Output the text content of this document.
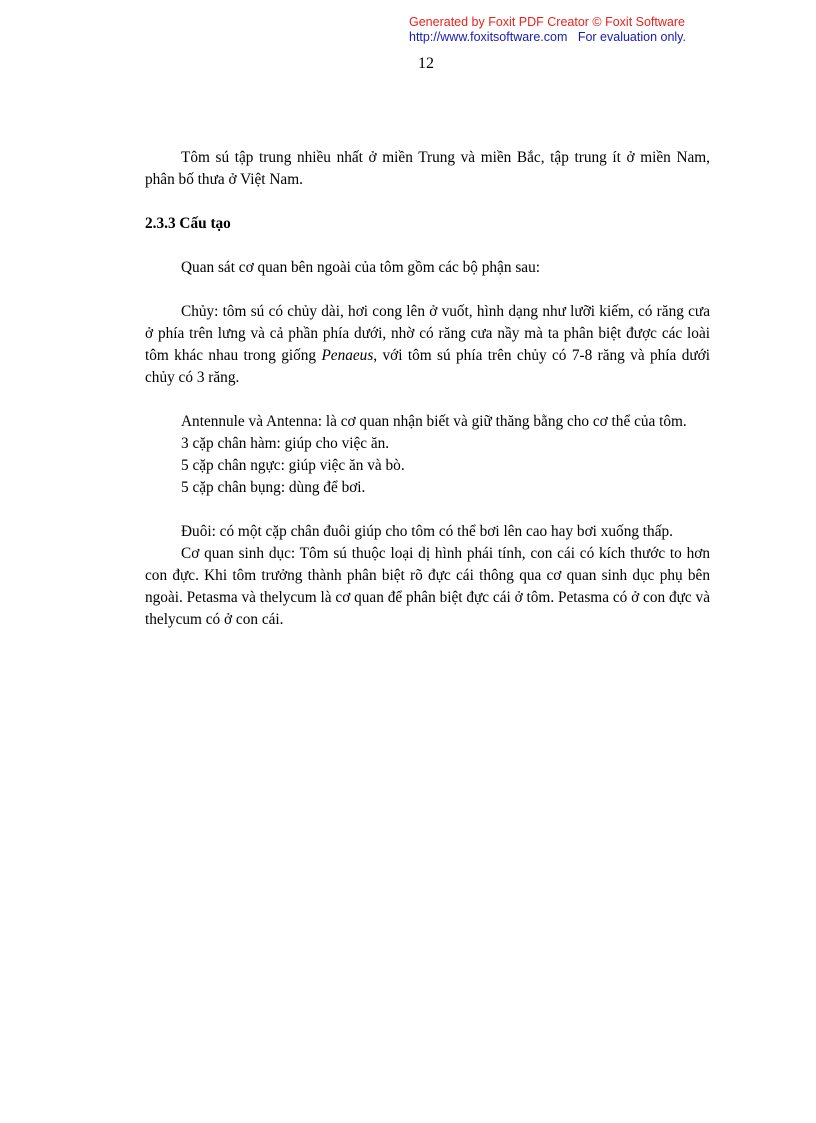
Generated by Foxit PDF Creator © Foxit Software
http://www.foxitsoftware.com For evaluation only.
12

Tôm sú tập trung nhiều nhất ở miền Trung và miền Bắc, tập trung ít ở miền Nam, phân bố thưa ở Việt Nam.

2.3.3 Cấu tạo

Quan sát cơ quan bên ngoài của tôm gồm các bộ phận sau:

Chủy: tôm sú có chủy dài, hơi cong lên ở vuốt, hình dạng như lưỡi kiếm, có răng cưa ở phía trên lưng và cả phần phía dưới, nhờ có răng cưa nầy mà ta phân biệt được các loài tôm khác nhau trong giống Penaeus, với tôm sú phía trên chủy có 7-8 răng và phía dưới chủy có 3 răng.

Antennule và Antenna: là cơ quan nhận biết và giữ thăng bằng cho cơ thể của tôm.

3 cặp chân hàm: giúp cho việc ăn.

5 cặp chân ngực: giúp việc ăn và bò.

5 cặp chân bụng: dùng để bơi.

Đuôi: có một cặp chân đuôi giúp cho tôm có thể bơi lên cao hay bơi xuống thấp.

Cơ quan sinh dục: Tôm sú thuộc loại dị hình phái tính, con cái có kích thước to hơn con đực. Khi tôm trưởng thành phân biệt rõ đực cái thông qua cơ quan sinh dục phụ bên ngoài. Petasma và thelycum là cơ quan để phân biệt đực cái ở tôm. Petasma có ở con đực và thelycum có ở con cái.
